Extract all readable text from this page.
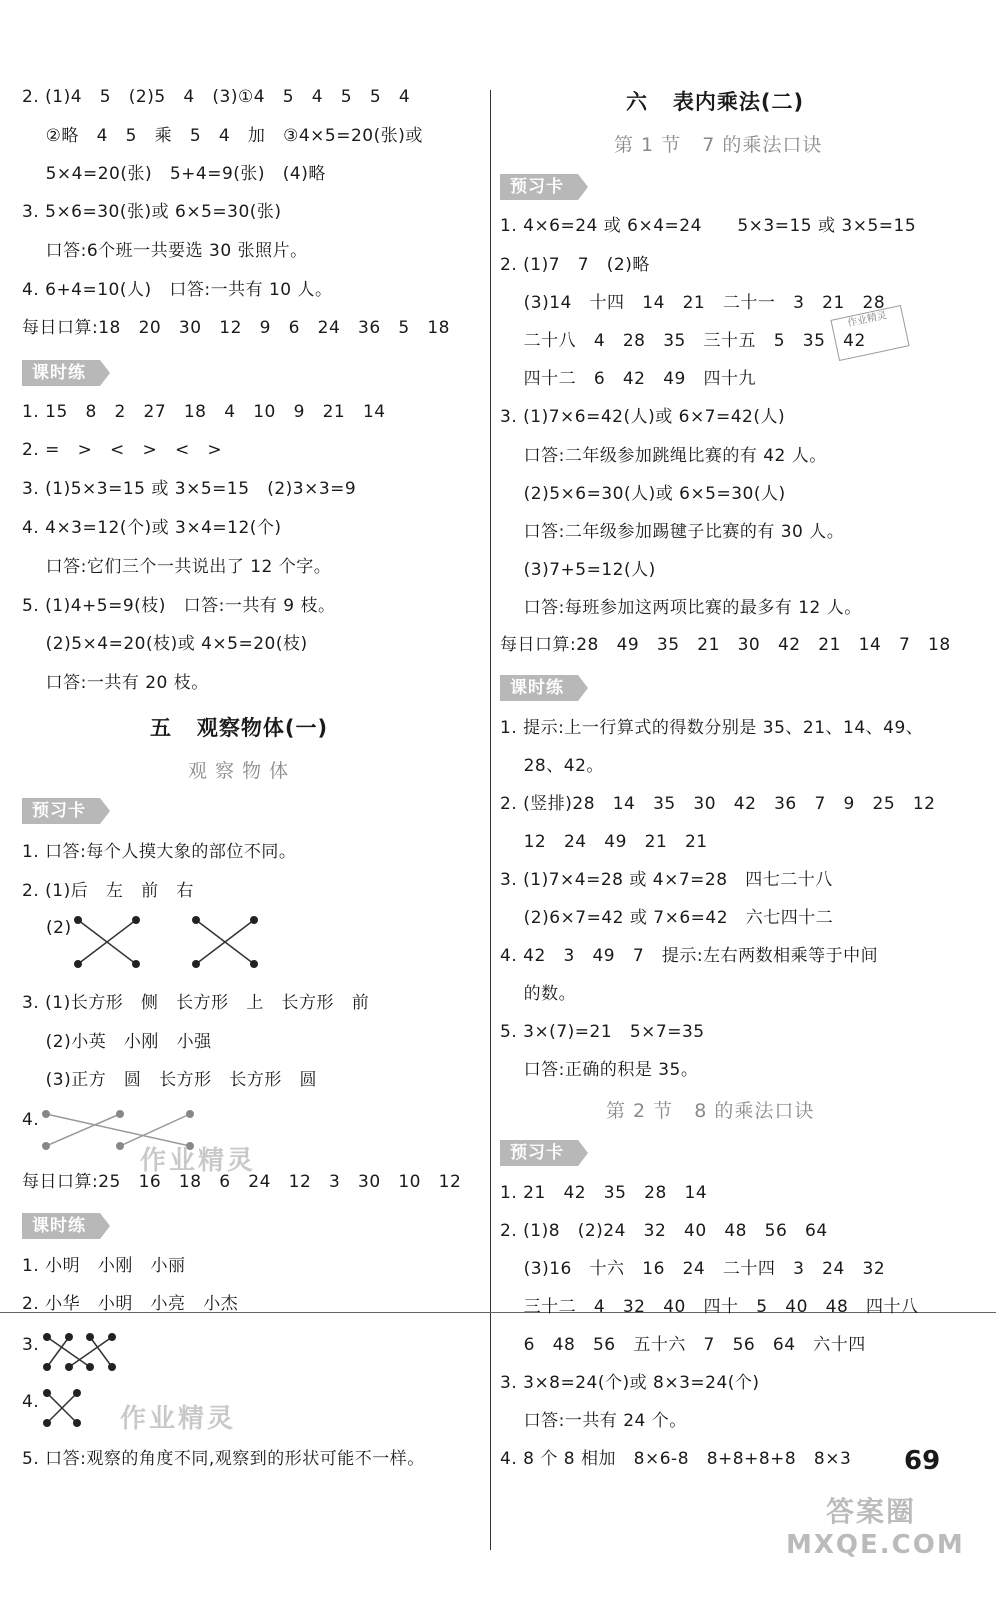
2. (1)4   5   (2)5   4   (3)①4   5   4   5   5   4
②略   4   5   乘   5   4   加   ③4×5=20(张)或
5×4=20(张)   5+4=9(张)   (4)略
3. 5×6=30(张)或 6×5=30(张)
口答:6个班一共要选 30 张照片。
4. 6+4=10(人)   口答:一共有 10 人。
每日口算:18   20   30   12   9   6   24   36   5   18
课时练
1. 15   8   2   27   18   4   10   9   21   14
2. =   >   <   >   <   >
3. (1)5×3=15 或 3×5=15   (2)3×3=9
4. 4×3=12(个)或 3×4=12(个)
口答:它们三个一共说出了 12 个字。
5. (1)4+5=9(枝)   口答:一共有 9 枝。
(2)5×4=20(枝)或 4×5=20(枝)
口答:一共有 20 枝。
五   观察物体(一)
观 察 物 体
预习卡
1. 口答:每个人摸大象的部位不同。
2. (1)后   左   前   右
(2)
3. (1)长方形   侧   长方形   上   长方形   前
(2)小英   小刚   小强
(3)正方   圆   长方形   长方形   圆
4.
作业精灵
每日口算:25   16   18   6   24   12   3   30   10   12
课时练
1. 小明   小刚   小丽
2. 小华   小明   小亮   小杰
3.
4.
作业精灵
5. 口答:观察的角度不同,观察到的形状可能不一样。
六   表内乘法(二)
第 1 节   7 的乘法口诀
预习卡
1. 4×6=24 或 6×4=24      5×3=15 或 3×5=15
2. (1)7   7   (2)略
(3)14   十四   14   21   二十一   3   21   28
二十八   4   28   35   三十五   5   35   42
四十二   6   42   49   四十九
3. (1)7×6=42(人)或 6×7=42(人)
口答:二年级参加跳绳比赛的有 42 人。
(2)5×6=30(人)或 6×5=30(人)
口答:二年级参加踢毽子比赛的有 30 人。
(3)7+5=12(人)
口答:每班参加这两项比赛的最多有 12 人。
每日口算:28   49   35   21   30   42   21   14   7   18
作业精灵
课时练
1. 提示:上一行算式的得数分别是 35、21、14、49、
28、42。
2. (竖排)28   14   35   30   42   36   7   9   25   12
12   24   49   21   21
3. (1)7×4=28 或 4×7=28   四七二十八
(2)6×7=42 或 7×6=42   六七四十二
4. 42   3   49   7   提示:左右两数相乘等于中间
的数。
5. 3×(7)=21   5×7=35
口答:正确的积是 35。
第 2 节   8 的乘法口诀
预习卡
1. 21   42   35   28   14
2. (1)8   (2)24   32   40   48   56   64
(3)16   十六   16   24   二十四   3   24   32
三十二   4   32   40   四十   5   40   48   四十八
6   48   56   五十六   7   56   64   六十四
3. 3×8=24(个)或 8×3=24(个)
口答:一共有 24 个。
4. 8 个 8 相加   8×6-8   8+8+8+8   8×3 69
答案圈
MXQE.COM
